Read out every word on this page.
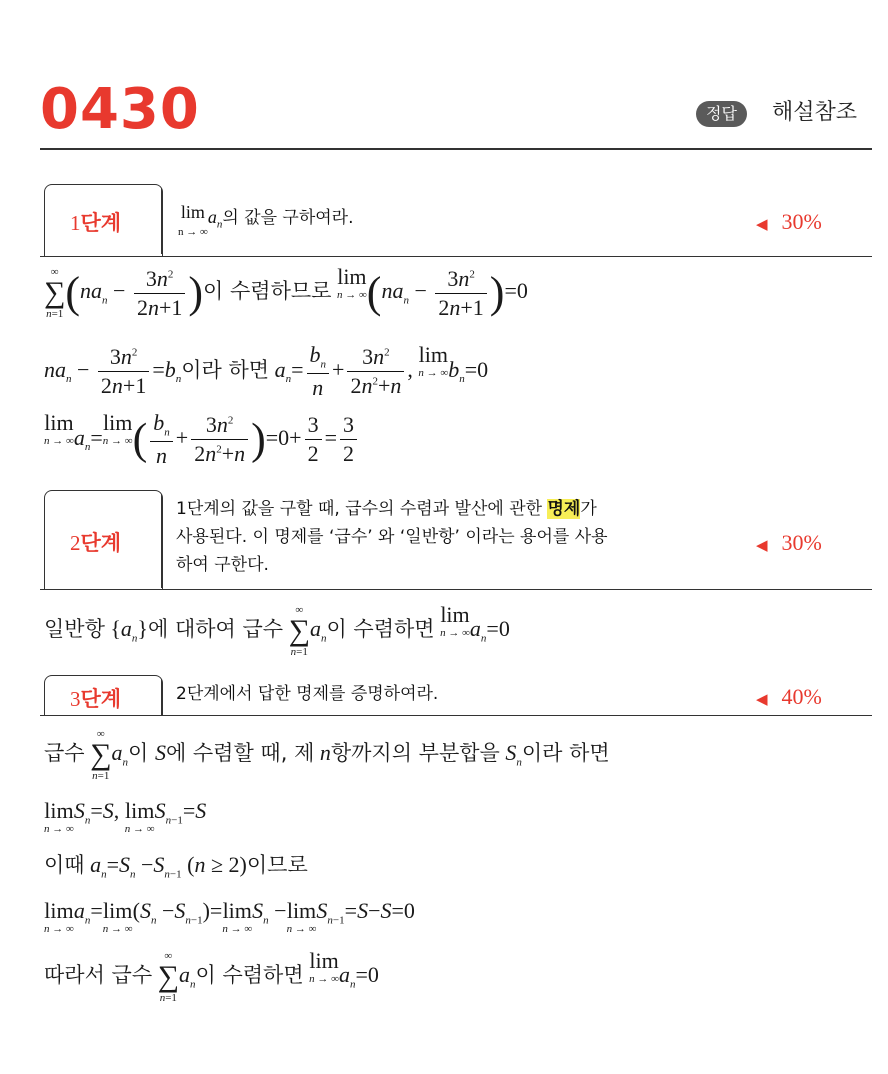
0430	정답	해설참조
1단계	lim
n → ∞
$a_n$의 값을 구하여라.	◀ 30%
∞
∑
$n=1(na_n - \frac{3n^2}{2n+1}$ )이 수렴하므로 lim
n → ∞ $(na_n - \frac{3n^2}{2n+1} )=0$
$na_n - \frac{3n^2}{2n+1} =b_n$이라 하면 $a_n= \frac{b_n}{n} + \frac{3n^2}{2n^2+n}$ , lim
n → ∞ $b_n=0$
lim
n → ∞ $a_n=\lim$
n → ∞ ( $\frac{b_n}{n} + \frac{3n^2}{2n^2+n} )=0+ \frac{3}{2} = \frac{3}{2}$
2단계
1단계의 값을 구할 때, 급수의 수렴과 발산에 관한 명제가
사용된다. 이 명제를 ‘급수’ 와 ‘일반항’ 이라는 용어를 사용
하여 구한다.
◀ 30%
일반항 $\{a_n\}$에 대하여 급수 ∞
∑
$n=1a_n$이 수렴하면 lim
n → ∞ $a_n=0$
3단계	2단계에서 답한 명제를 증명하여라.	◀ 40%
급수 ∞
∑
$n=1a_n$이 S에 수렴할 때, 제 n항까지의 부분합을 $S_n$이라 하면
lim
n → ∞
$S_n=S$, lim
n → ∞
$S_{n-1}=S$
이때 $a_n=S_n -S_{n-1}$ (n ≥ 2)이므로
lim
n → ∞
$a_n=\lim$
n → ∞
$(S_n -S_{n-1})=\lim$
n → ∞
$S_n -\lim$
n → ∞
$S_{n-1}=S-S=0$
따라서 급수 ∞
∑
$n=1a_n$이 수렴하면 lim
n → ∞ $a_n=0$
